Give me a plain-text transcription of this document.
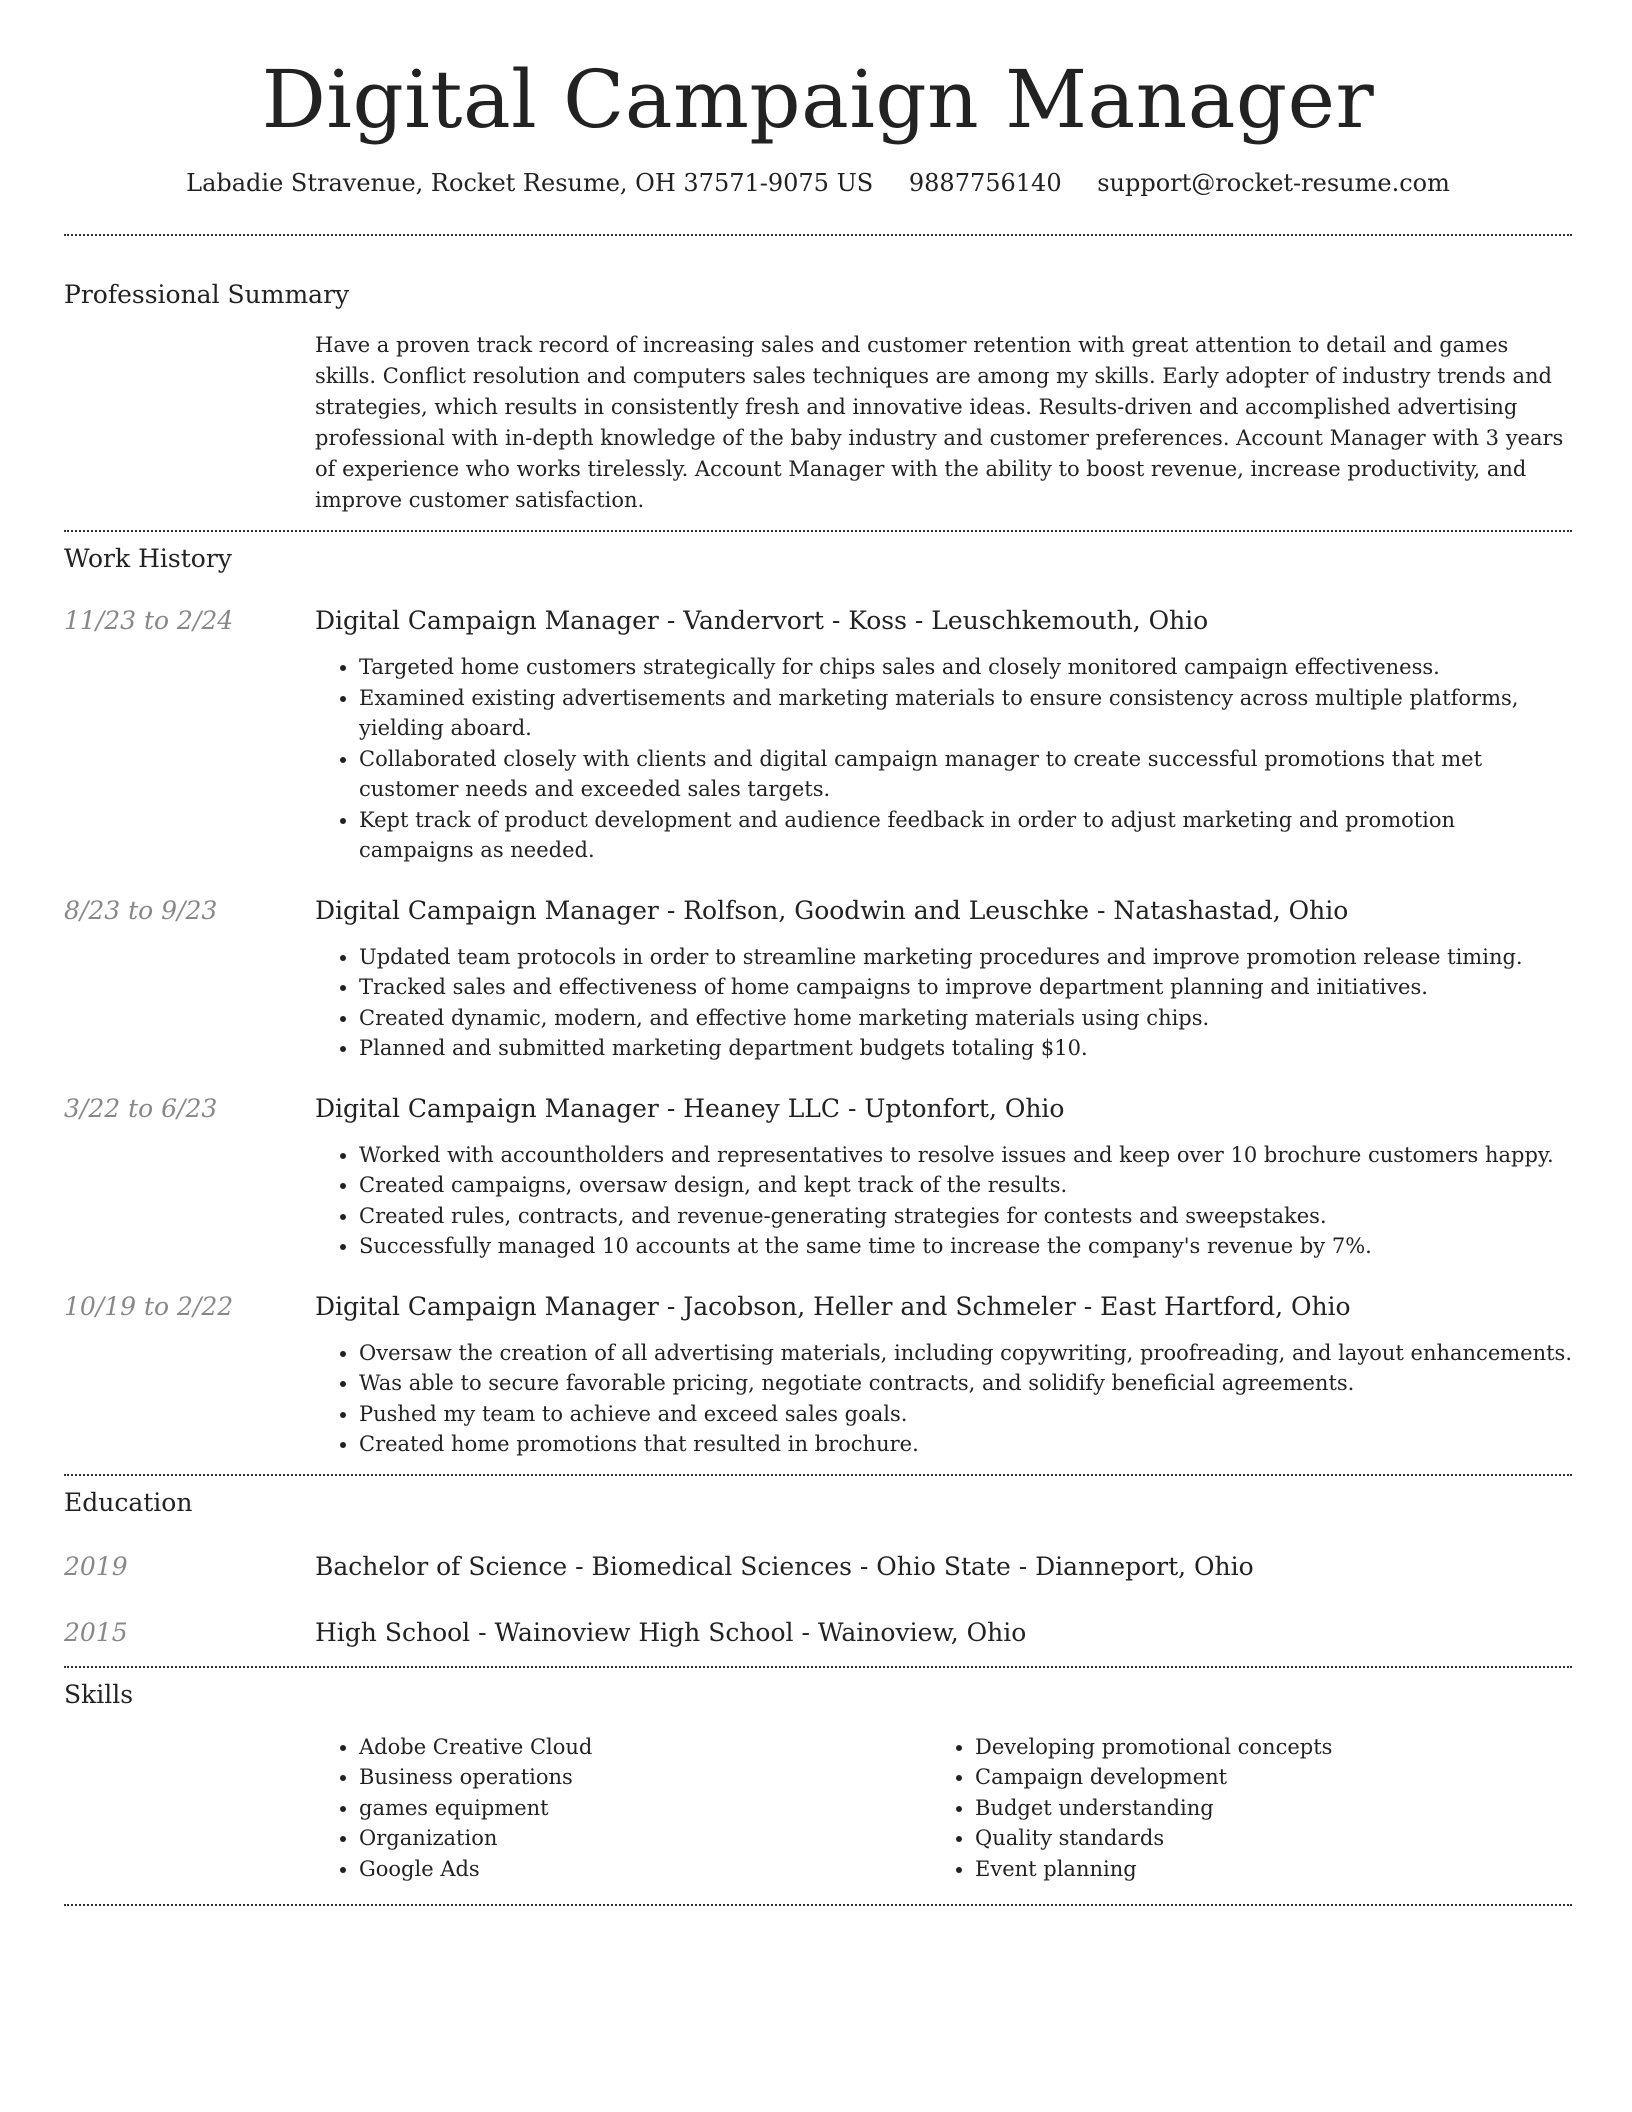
Digital Campaign Manager
Labadie Stravenue, Rocket Resume, OH 37571-9075 US 9887756140 support@rocket-resume.com
Professional Summary

Have a proven track record of increasing sales and customer retention with great attention to detail and games skills. Conflict resolution and computers sales techniques are among my skills. Early adopter of industry trends and strategies, which results in consistently fresh and innovative ideas. Results-driven and accomplished advertising professional with in-depth knowledge of the baby industry and customer preferences. Account Manager with 3 years of experience who works tirelessly. Account Manager with the ability to boost revenue, increase productivity, and improve customer satisfaction.

Work History
11/23 to 2/24	Digital Campaign Manager - Vandervort - Koss - Leuschkemouth, Ohio
• Targeted home customers strategically for chips sales and closely monitored campaign effectiveness.
• Examined existing advertisements and marketing materials to ensure consistency across multiple platforms, yielding aboard.
• Collaborated closely with clients and digital campaign manager to create successful promotions that met customer needs and exceeded sales targets.
• Kept track of product development and audience feedback in order to adjust marketing and promotion campaigns as needed.
8/23 to 9/23	Digital Campaign Manager - Rolfson, Goodwin and Leuschke - Natashastad, Ohio
• Updated team protocols in order to streamline marketing procedures and improve promotion release timing.
• Tracked sales and effectiveness of home campaigns to improve department planning and initiatives.
• Created dynamic, modern, and effective home marketing materials using chips.
• Planned and submitted marketing department budgets totaling $10.
3/22 to 6/23	Digital Campaign Manager - Heaney LLC - Uptonfort, Ohio
• Worked with accountholders and representatives to resolve issues and keep over 10 brochure customers happy.
• Created campaigns, oversaw design, and kept track of the results.
• Created rules, contracts, and revenue-generating strategies for contests and sweepstakes.
• Successfully managed 10 accounts at the same time to increase the company's revenue by 7%.
10/19 to 2/22	Digital Campaign Manager - Jacobson, Heller and Schmeler - East Hartford, Ohio
• Oversaw the creation of all advertising materials, including copywriting, proofreading, and layout enhancements.
• Was able to secure favorable pricing, negotiate contracts, and solidify beneficial agreements.
• Pushed my team to achieve and exceed sales goals.
• Created home promotions that resulted in brochure.
Education
2019	Bachelor of Science - Biomedical Sciences - Ohio State - Dianneport, Ohio
2015	High School - Wainoview High School - Wainoview, Ohio
Skills
• Adobe Creative Cloud
• Business operations
• games equipment
• Organization
• Google Ads
• Developing promotional concepts
• Campaign development
• Budget understanding
• Quality standards
• Event planning
